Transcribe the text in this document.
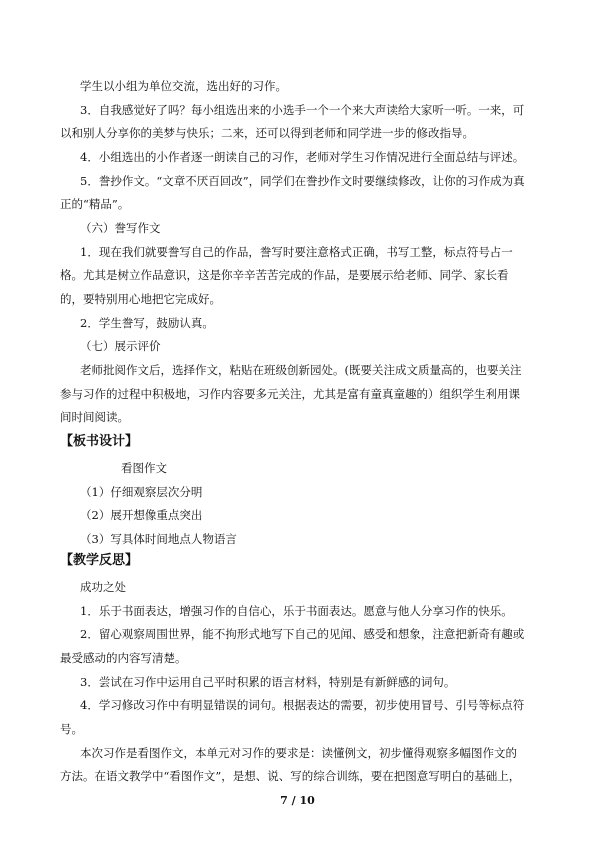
学生以小组为单位交流，选出好的习作。
3．自我感觉好了吗？每小组选出来的小选手一个一个来大声读给大家听一听。一来，可
以和别人分享你的美梦与快乐；二来，还可以得到老师和同学进一步的修改指导。
4．小组选出的小作者逐一朗读自己的习作，老师对学生习作情况进行全面总结与评述。
5．誊抄作文。“文章不厌百回改”，同学们在誊抄作文时要继续修改，让你的习作成为真
正的“精品”。
（六）誊写作文
1．现在我们就要誊写自己的作品，誊写时要注意格式正确，书写工整，标点符号占一
格。尤其是树立作品意识，这是你辛辛苦苦完成的作品，是要展示给老师、同学、家长看
的，要特别用心地把它完成好。
2．学生誊写，鼓励认真。
（七）展示评价
老师批阅作文后，选择作文，粘贴在班级创新园处。(既要关注成文质量高的，也要关注
参与习作的过程中积极地，习作内容要多元关注，尤其是富有童真童趣的）组织学生利用课
间时间阅读。
【板书设计】
看图作文
（1）仔细观察层次分明
（2）展开想像重点突出
（3）写具体时间地点人物语言
【教学反思】
成功之处
1．乐于书面表达，增强习作的自信心，乐于书面表达。愿意与他人分享习作的快乐。
2．留心观察周围世界，能不拘形式地写下自己的见闻、感受和想象，注意把新奇有趣或
最受感动的内容写清楚。
3．尝试在习作中运用自己平时积累的语言材料，特别是有新鲜感的词句。
4．学习修改习作中有明显错误的词句。根据表达的需要，初步使用冒号、引号等标点符
号。
本次习作是看图作文，本单元对习作的要求是：读懂例文，初步懂得观察多幅图作文的
方法。在语文教学中“看图作文”，是想、说、写的综合训练，要在把图意写明白的基础上，
7 / 10
